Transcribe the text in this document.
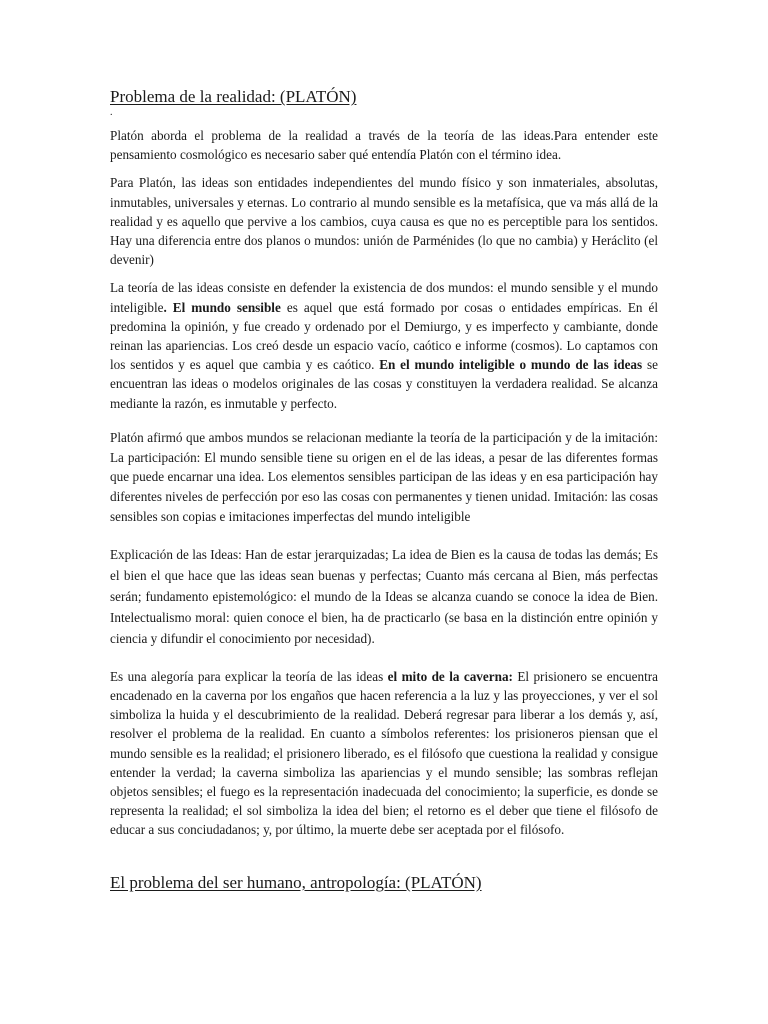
Problema de la realidad: (PLATÓN)

.

Platón aborda el problema de la realidad a través de la teoría de las ideas.Para entender este pensamiento cosmológico es necesario saber qué entendía Platón con el término idea.

Para Platón, las ideas son entidades independientes del mundo físico y son inmateriales, absolutas, inmutables, universales y eternas. Lo contrario al mundo sensible es la metafísica, que va más allá de la realidad y es aquello que pervive a los cambios, cuya causa es que no es perceptible para los sentidos. Hay una diferencia entre dos planos o mundos: unión de Parménides (lo que no cambia) y Heráclito (el devenir)

La teoría de las ideas consiste en defender la existencia de dos mundos: el mundo sensible y el mundo inteligible. El mundo sensible es aquel que está formado por cosas o entidades empíricas. En él predomina la opinión, y fue creado y ordenado por el Demiurgo, y es imperfecto y cambiante, donde reinan las apariencias. Los creó desde un espacio vacío, caótico e informe (cosmos). Lo captamos con los sentidos y es aquel que cambia y es caótico. En el mundo inteligible o mundo de las ideas se encuentran las ideas o modelos originales de las cosas y constituyen la verdadera realidad. Se alcanza mediante la razón, es inmutable y perfecto.

Platón afirmó que ambos mundos se relacionan mediante la teoría de la participación y de la imitación: La participación: El mundo sensible tiene su origen en el de las ideas, a pesar de las diferentes formas que puede encarnar una idea. Los elementos sensibles participan de las ideas y en esa participación hay diferentes niveles de perfección por eso las cosas con permanentes y tienen unidad. Imitación: las cosas sensibles son copias e imitaciones imperfectas del mundo inteligible

Explicación de las Ideas: Han de estar jerarquizadas; La idea de Bien es la causa de todas las demás; Es el bien el que hace que las ideas sean buenas y perfectas; Cuanto más cercana al Bien, más perfectas serán; fundamento epistemológico: el mundo de la Ideas se alcanza cuando se conoce la idea de Bien. Intelectualismo moral: quien conoce el bien, ha de practicarlo (se basa en la distinción entre opinión y ciencia y difundir el conocimiento por necesidad).

Es una alegoría para explicar la teoría de las ideas el mito de la caverna: El prisionero se encuentra encadenado en la caverna por los engaños que hacen referencia a la luz y las proyecciones, y ver el sol simboliza la huida y el descubrimiento de la realidad. Deberá regresar para liberar a los demás y, así, resolver el problema de la realidad. En cuanto a símbolos referentes: los prisioneros piensan que el mundo sensible es la realidad; el prisionero liberado, es el filósofo que cuestiona la realidad y consigue entender la verdad; la caverna simboliza las apariencias y el mundo sensible; las sombras reflejan objetos sensibles; el fuego es la representación inadecuada del conocimiento; la superficie, es donde se representa la realidad; el sol simboliza la idea del bien; el retorno es el deber que tiene el filósofo de educar a sus conciudadanos; y, por último, la muerte debe ser aceptada por el filósofo.

El problema del ser humano, antropología: (PLATÓN)
